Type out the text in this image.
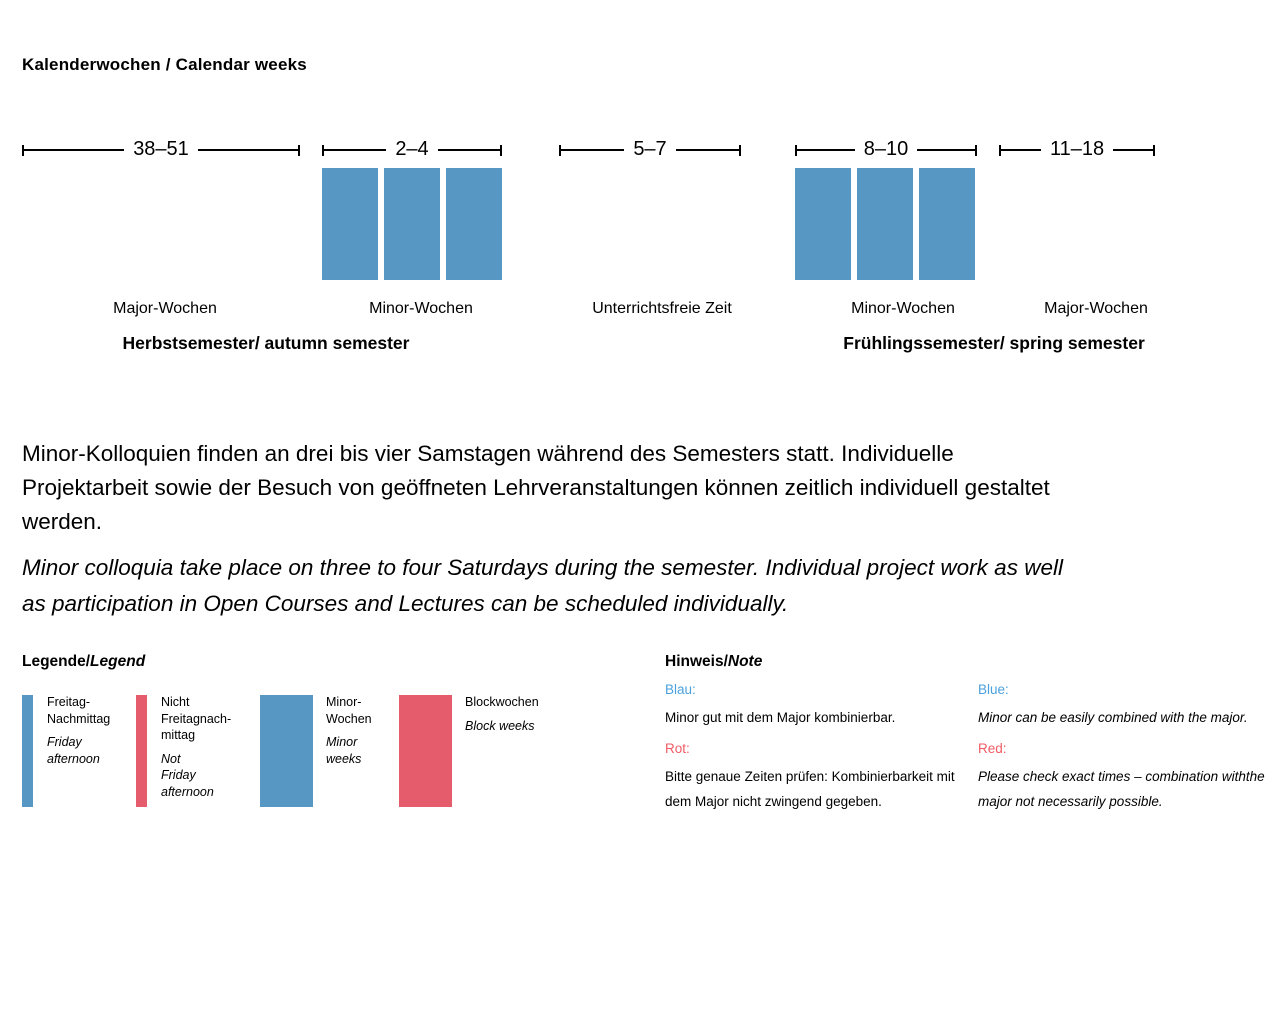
Kalenderwochen / Calendar weeks
38–51	2–4	5–7	8–10	11–18
Major-Wochen	Minor-Wochen	Unterrichtsfreie Zeit	Minor-Wochen	Major-Wochen
Herbstsemester/ autumn semester	Frühlingssemester/ spring semester
Minor-Kolloquien finden an drei bis vier Samstagen während des Semesters statt. Individuelle
Projektarbeit sowie der Besuch von geöffneten Lehrveranstaltungen können zeitlich individuell gestaltet
werden.
Minor colloquia take place on three to four Saturdays during the semester. Individual project work as well
as participation in Open Courses and Lectures can be scheduled individually.
Legende/Legend
Freitag-
Nachmittag
Friday
afternoon
Nicht
Freitagnach-
mittag
Not
Friday
afternoon
Minor-
Wochen
Minor
weeks
Blockwochen
Block weeks
Hinweis/Note
Blau:
Minor gut mit dem Major kombinierbar.
Rot:
Bitte genaue Zeiten prüfen: Kombinierbarkeit mit
dem Major nicht zwingend gegeben.
Blue:
Minor can be easily combined with the major.
Red:
Please check exact times – combination withthe
major not necessarily possible.
